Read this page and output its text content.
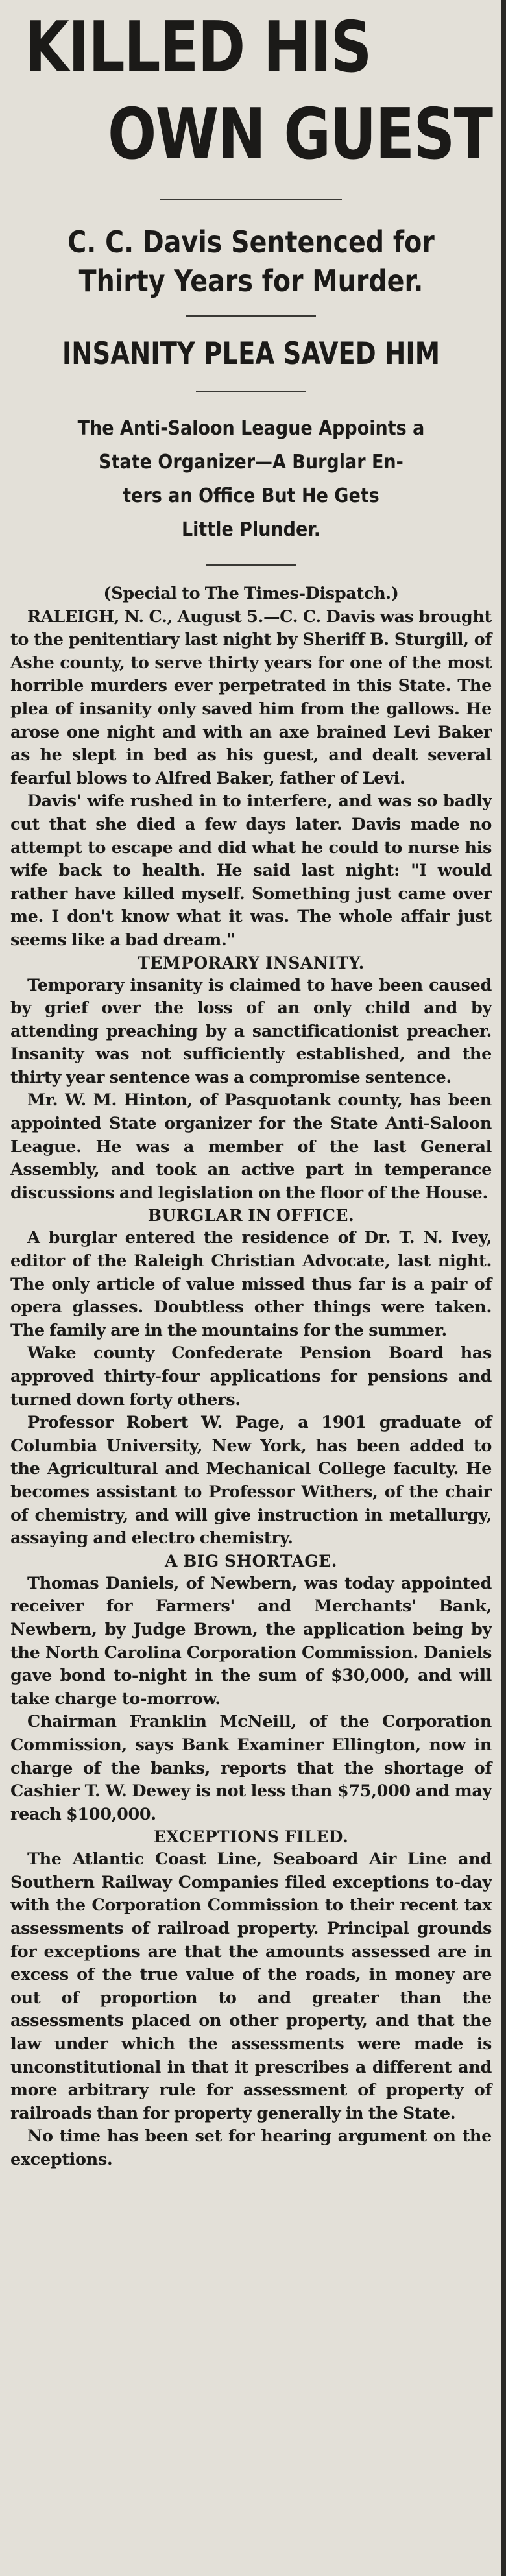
KILLED HIS
OWN GUEST
C. C. Davis Sentenced for Thirty Years for Murder.
INSANITY PLEA SAVED HIM
The Anti-Saloon League Appoints a
State Organizer—A Burglar En-
ters an Office But He Gets
Little Plunder.

(Special to The Times-Dispatch.)

RALEIGH, N. C., August 5.—C. C. Davis was brought to the penitentiary last night by Sheriff B. Sturgill, of Ashe county, to serve thirty years for one of the most horrible murders ever perpetrated in this State. The plea of insanity only saved him from the gallows. He arose one night and with an axe brained Levi Baker as he slept in bed as his guest, and dealt several fearful blows to Alfred Baker, father of Levi.

Davis' wife rushed in to interfere, and was so badly cut that she died a few days later. Davis made no attempt to escape and did what he could to nurse his wife back to health. He said last night: "I would rather have killed myself. Something just came over me. I don't know what it was. The whole affair just seems like a bad dream."

TEMPORARY INSANITY.

Temporary insanity is claimed to have been caused by grief over the loss of an only child and by attending preaching by a sanctificationist preacher. Insanity was not sufficiently established, and the thirty year sentence was a compromise sentence.

Mr. W. M. Hinton, of Pasquotank county, has been appointed State organizer for the State Anti-Saloon League. He was a member of the last General Assembly, and took an active part in temperance discussions and legislation on the floor of the House.

BURGLAR IN OFFICE.

A burglar entered the residence of Dr. T. N. Ivey, editor of the Raleigh Christian Advocate, last night. The only article of value missed thus far is a pair of opera glasses. Doubtless other things were taken. The family are in the mountains for the summer.

Wake county Confederate Pension Board has approved thirty-four applications for pensions and turned down forty others.

Professor Robert W. Page, a 1901 graduate of Columbia University, New York, has been added to the Agricultural and Mechanical College faculty. He becomes assistant to Professor Withers, of the chair of chemistry, and will give instruction in metallurgy, assaying and electro chemistry.

A BIG SHORTAGE.

Thomas Daniels, of Newbern, was today appointed receiver for Farmers' and Merchants' Bank, Newbern, by Judge Brown, the application being by the North Carolina Corporation Commission. Daniels gave bond to-night in the sum of $30,000, and will take charge to-morrow.

Chairman Franklin McNeill, of the Corporation Commission, says Bank Examiner Ellington, now in charge of the banks, reports that the shortage of Cashier T. W. Dewey is not less than $75,000 and may reach $100,000.

EXCEPTIONS FILED.

The Atlantic Coast Line, Seaboard Air Line and Southern Railway Companies filed exceptions to-day with the Corporation Commission to their recent tax assessments of railroad property. Principal grounds for exceptions are that the amounts assessed are in excess of the true value of the roads, in money are out of proportion to and greater than the assessments placed on other property, and that the law under which the assessments were made is unconstitutional in that it prescribes a different and more arbitrary rule for assessment of property of railroads than for property generally in the State.

No time has been set for hearing argument on the exceptions.
